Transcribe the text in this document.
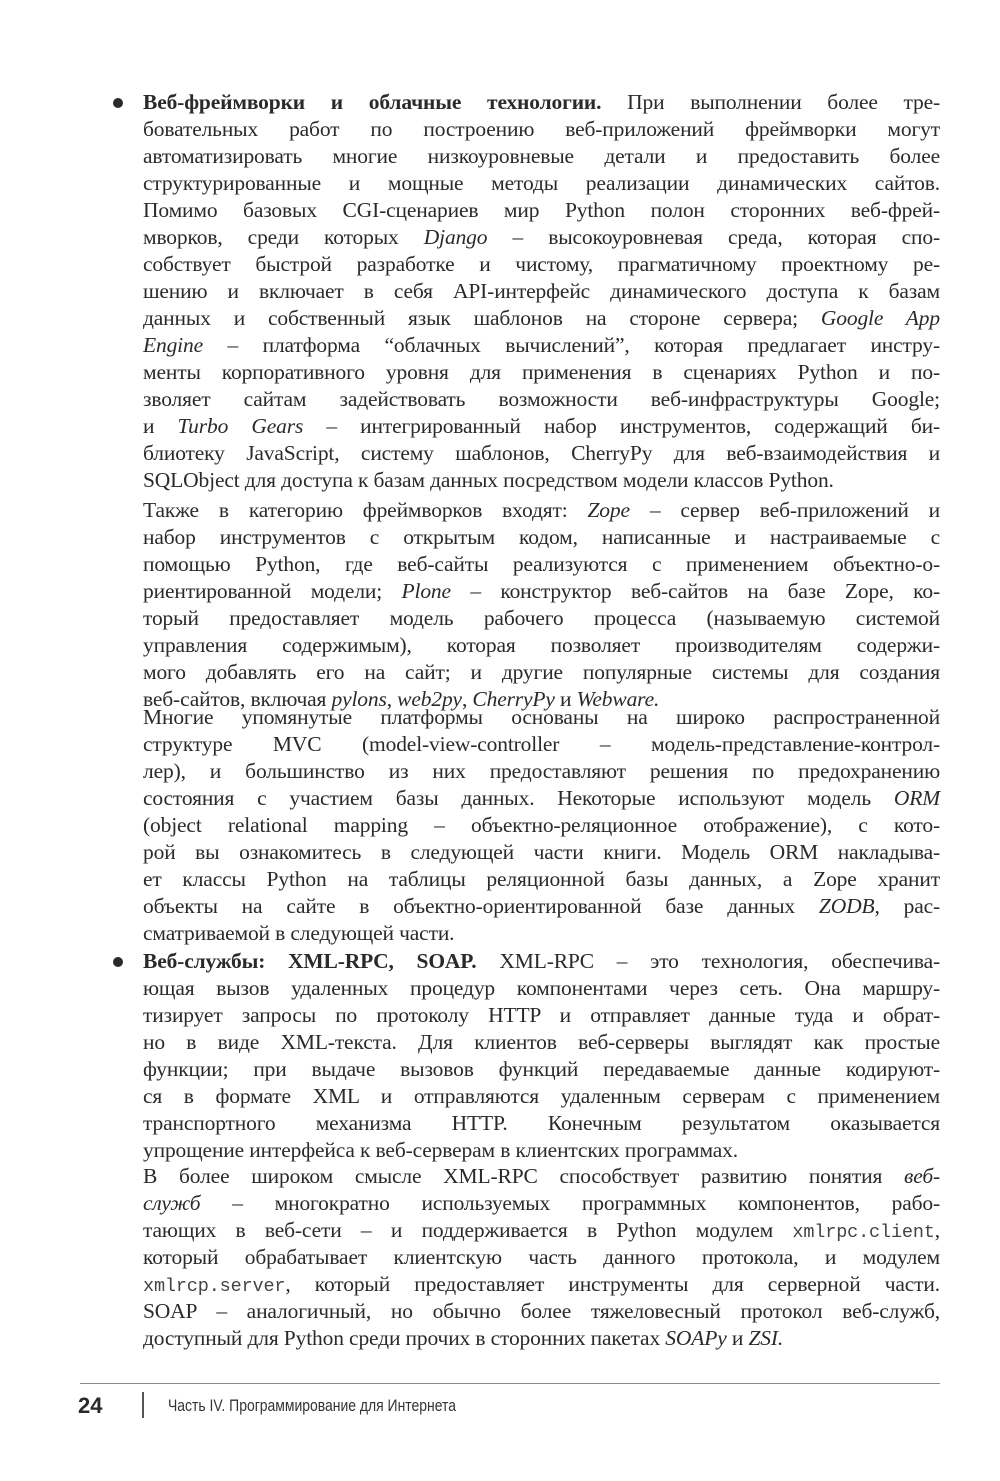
Веб-фреймворки и облачные технологии. При выполнении более тре-
бовательных работ по построению веб-приложений фреймворки могут
автоматизировать многие низкоуровневые детали и предоставить более
структурированные и мощные методы реализации динамических сайтов.
Помимо базовых CGI-сценариев мир Python полон сторонних веб-фрей-
мворков, среди которых Django – высокоуровневая среда, которая спо-
собствует быстрой разработке и чистому, прагматичному проектному ре-
шению и включает в себя API-интерфейс динамического доступа к базам
данных и собственный язык шаблонов на стороне сервера; Google App
Engine – платформа “облачных вычислений”, которая предлагает инстру-
менты корпоративного уровня для применения в сценариях Python и по-
зволяет сайтам задействовать возможности веб-инфраструктуры Google;
и Turbo Gears – интегрированный набор инструментов, содержащий би-
блиотеку JavaScript, систему шаблонов, CherryPy для веб-взаимодействия и
SQLObject для доступа к базам данных посредством модели классов Python.
Также в категорию фреймворков входят: Zope – сервер веб-приложений и
набор инструментов с открытым кодом, написанные и настраиваемые с
помощью Python, где веб-сайты реализуются с применением объектно-о-
риентированной модели; Plone – конструктор веб-сайтов на базе Zope, ко-
торый предоставляет модель рабочего процесса (называемую системой
управления содержимым), которая позволяет производителям содержи-
мого добавлять его на сайт; и другие популярные системы для создания
веб-сайтов, включая pylons, web2py, CherryPy и Webware.
Многие упомянутые платформы основаны на широко распространенной
структуре MVC (model-view-controller – модель-представление-контрол-
лер), и большинство из них предоставляют решения по предохранению
состояния с участием базы данных. Некоторые используют модель ORM
(object relational mapping – объектно-реляционное отображение), с кото-
рой вы ознакомитесь в следующей части книги. Модель ORM накладыва-
ет классы Python на таблицы реляционной базы данных, а Zope хранит
объекты на сайте в объектно-ориентированной базе данных ZODB, рас-
сматриваемой в следующей части.
Веб-службы: XML-RPC, SOAP. XML-RPC – это технология, обеспечива-
ющая вызов удаленных процедур компонентами через сеть. Она маршру-
тизирует запросы по протоколу HTTP и отправляет данные туда и обрат-
но в виде XML-текста. Для клиентов веб-серверы выглядят как простые
функции; при выдаче вызовов функций передаваемые данные кодируют-
ся в формате XML и отправляются удаленным серверам с применением
транспортного механизма HTTP. Конечным результатом оказывается
упрощение интерфейса к веб-серверам в клиентских программах.
В более широком смысле XML-RPC способствует развитию понятия веб-
служб – многократно используемых программных компонентов, рабо-
тающих в веб-сети – и поддерживается в Python модулем xmlrpc.client,
который обрабатывает клиентскую часть данного протокола, и модулем
xmlrcp.server, который предоставляет инструменты для серверной части.
SOAP – аналогичный, но обычно более тяжеловесный протокол веб-служб,
доступный для Python среди прочих в сторонних пакетах SOAPy и ZSI.
24	Часть IV. Программирование для Интернета
